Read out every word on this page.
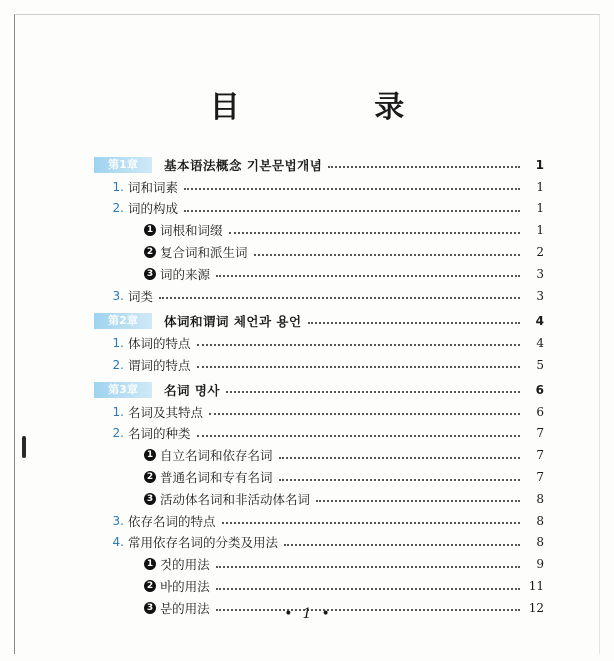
目 录
第1章	基本语法概念 기본문법개념	1
1. 词和词素	1
2. 词的构成	1
1 词根和词缀	1
2 复合词和派生词	2
3 词的来源	3
3. 词类	3
第2章	体词和谓词 체언과 용언	4
1. 体词的特点	4
2. 谓词的特点	5
第3章	名词 명사	6
1. 名词及其特点	6
2. 名词的种类	7
1 自立名词和依存名词	7
2 普通名词和专有名词	7
3 活动体名词和非活动体名词	8
3. 依存名词的特点	8
4. 常用依存名词的分类及用法	8
1 것的用法	9
2 바的用法	11
3 분的用法	12
• 1 •
